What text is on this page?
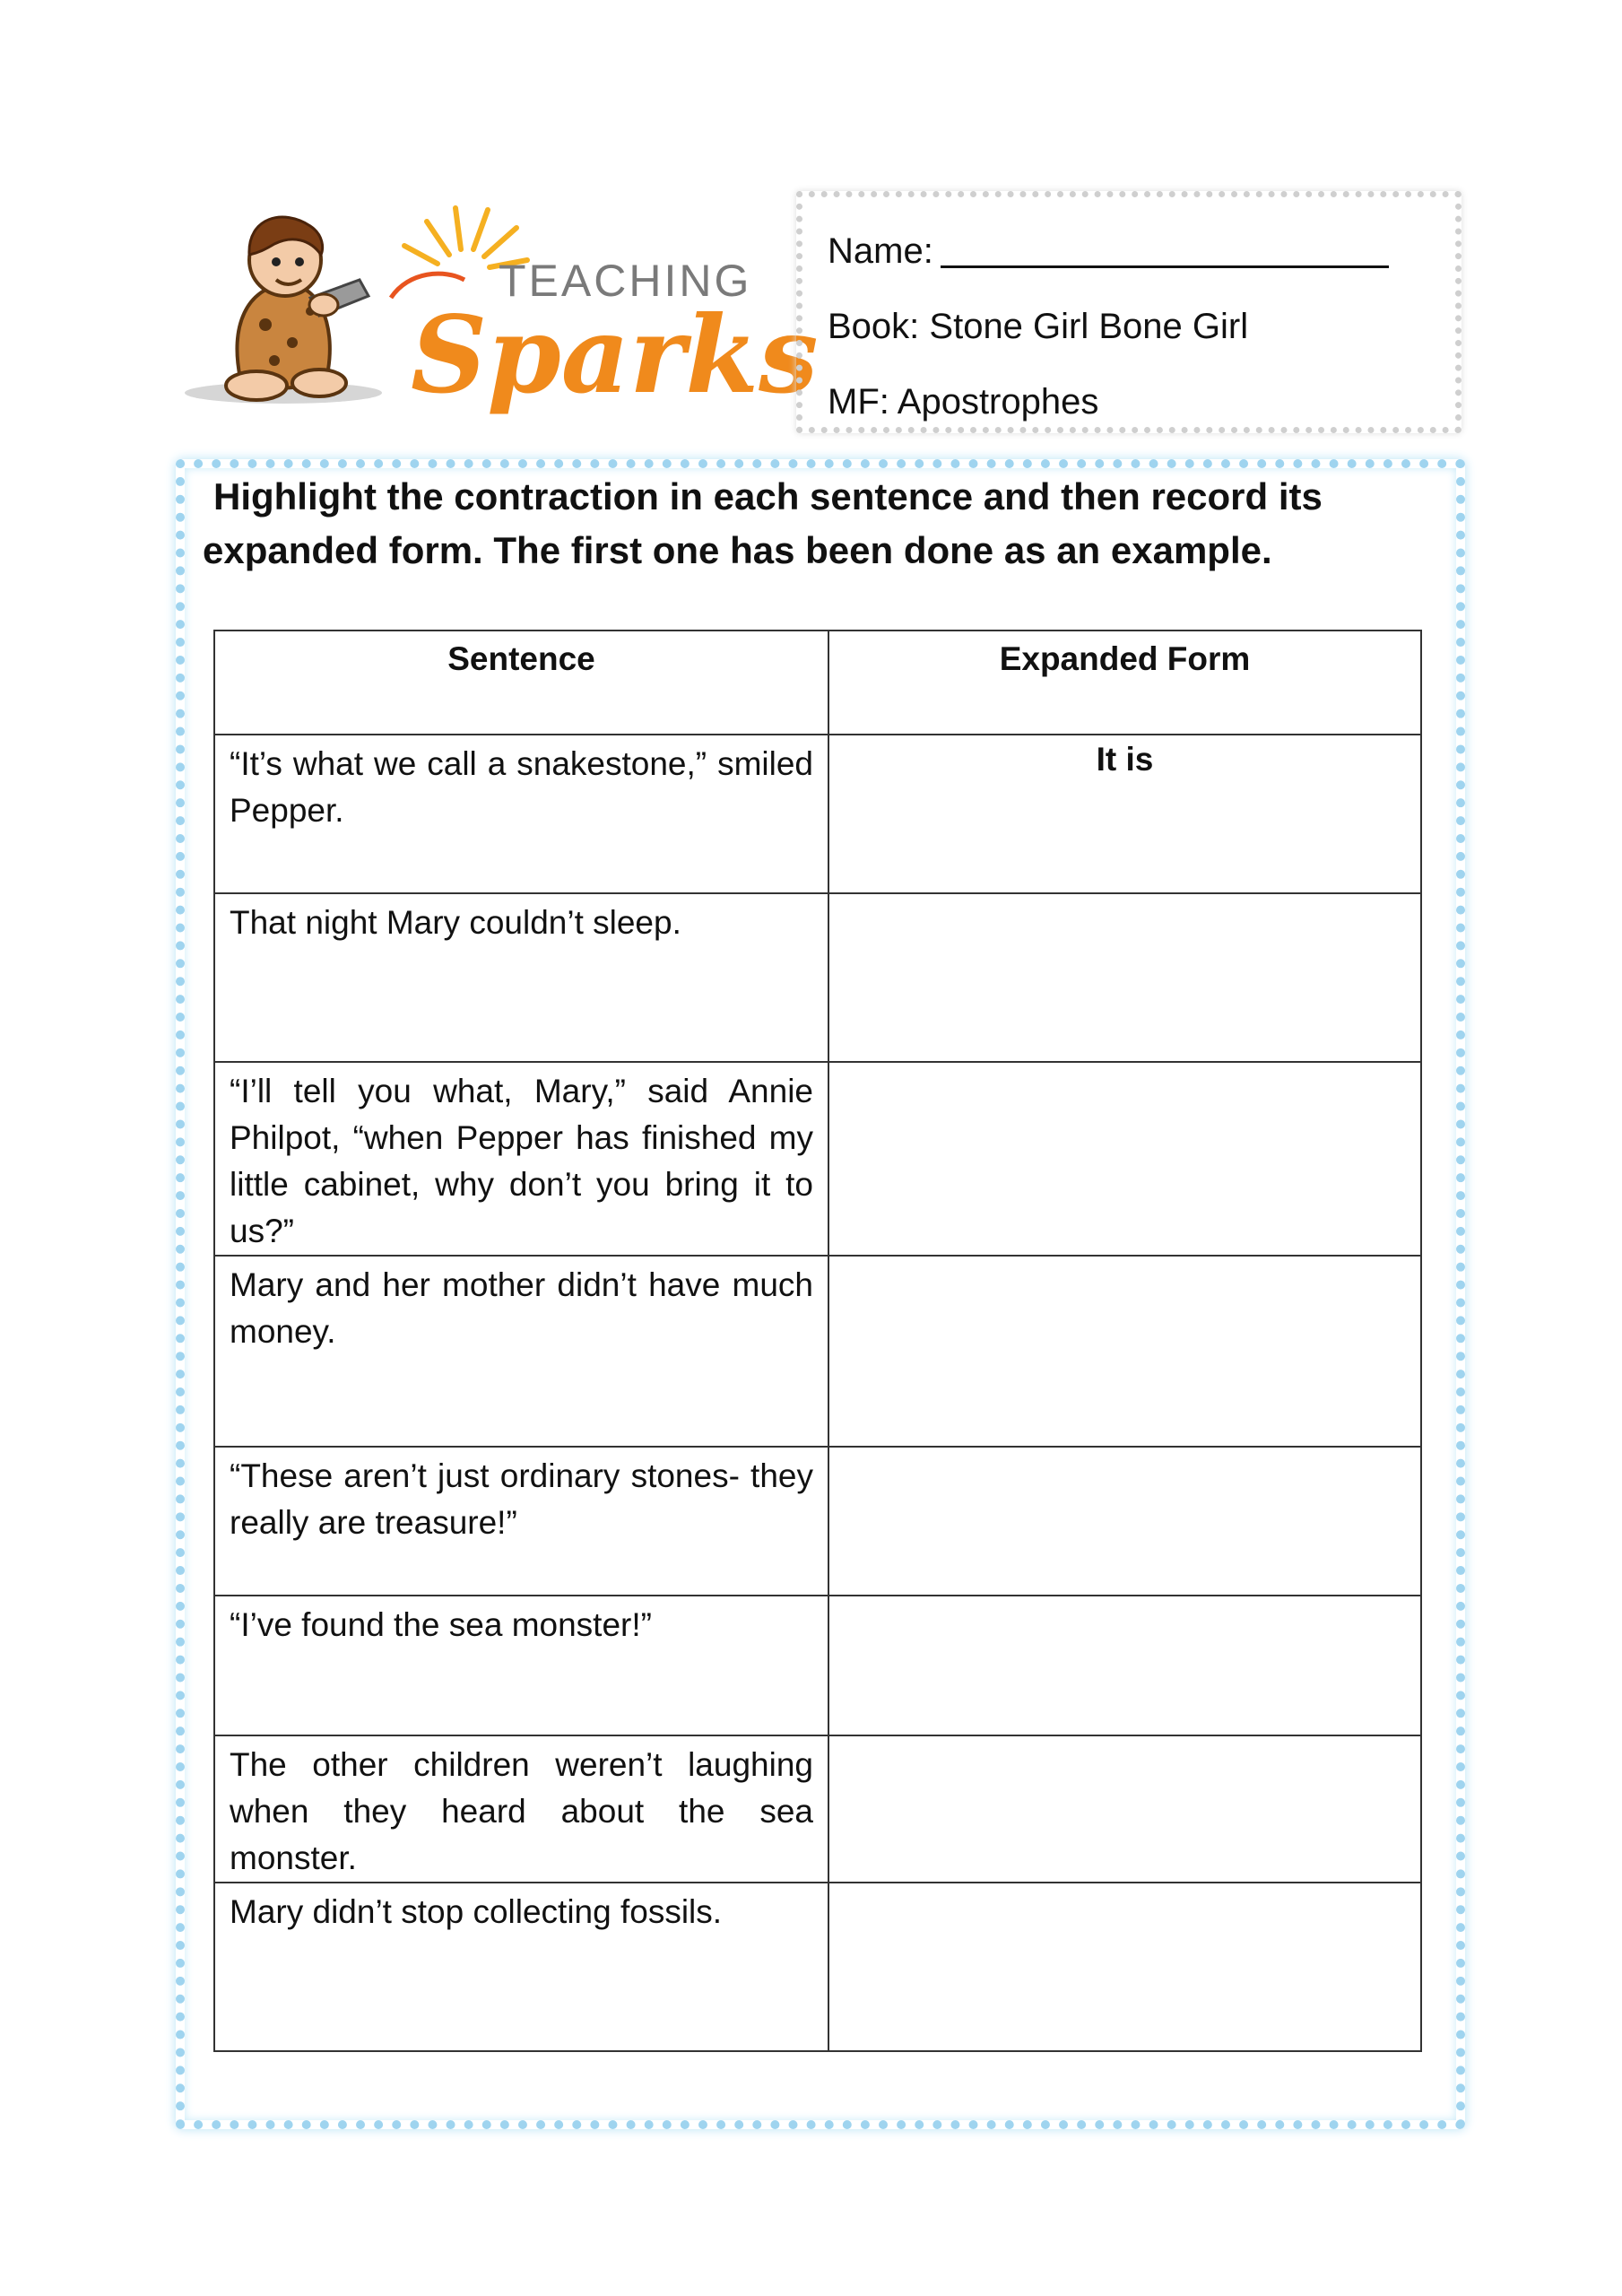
TEACHING
Sparks
Name:
Book: Stone Girl Bone Girl
MF: Apostrophes
Highlight the contraction in each sentence and then record its
expanded form. The first one has been done as an example.
Sentence	Expanded Form
“It’s what we call a snakestone,” smiled Pepper.	It is
That night Mary couldn’t sleep.	
“I’ll tell you what, Mary,” said Annie Philpot, “when Pepper has finished my little cabinet, why don’t you bring it to us?”	
Mary and her mother didn’t have much money.	
“These aren’t just ordinary stones- they really are treasure!”	
“I’ve found the sea monster!”	
The other children weren’t laughing when they heard about the sea monster.	
Mary didn’t stop collecting fossils.	
